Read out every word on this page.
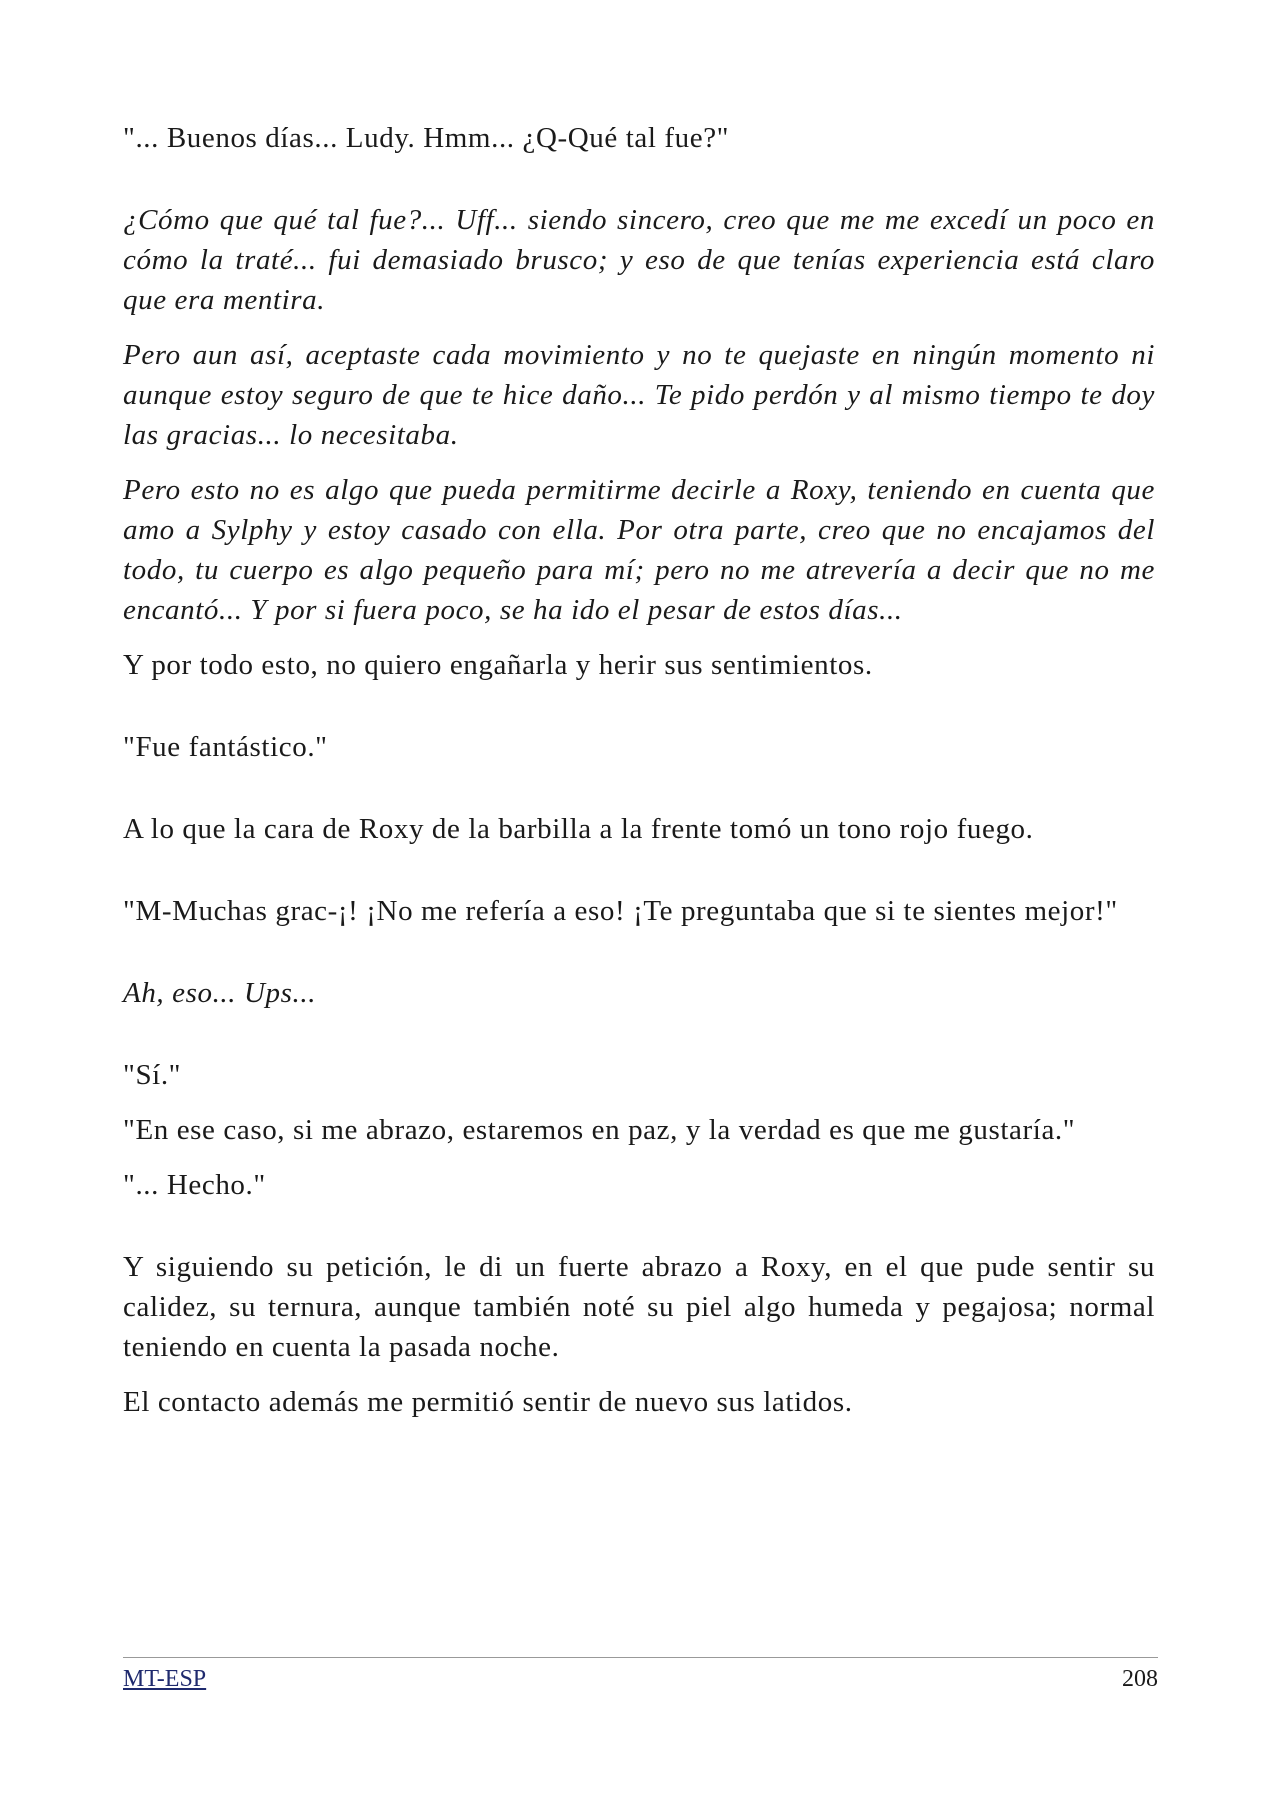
"... Buenos días... Ludy. Hmm... ¿Q-Qué tal fue?"

¿Cómo que qué tal fue?... Uff... siendo sincero, creo que me me excedí un poco en cómo la traté... fui demasiado brusco; y eso de que tenías experiencia está claro que era mentira.

Pero aun así, aceptaste cada movimiento y no te quejaste en ningún momento ni aunque estoy seguro de que te hice daño... Te pido perdón y al mismo tiempo te doy las gracias... lo necesitaba.

Pero esto no es algo que pueda permitirme decirle a Roxy, teniendo en cuenta que amo a Sylphy y estoy casado con ella. Por otra parte, creo que no encajamos del todo, tu cuerpo es algo pequeño para mí; pero no me atrevería a decir que no me encantó... Y por si fuera poco, se ha ido el pesar de estos días...

Y por todo esto, no quiero engañarla y herir sus sentimientos.

"Fue fantástico."

A lo que la cara de Roxy de la barbilla a la frente tomó un tono rojo fuego.

"M-Muchas grac-¡! ¡No me refería a eso! ¡Te preguntaba que si te sientes mejor!"

Ah, eso... Ups...

"Sí."

"En ese caso, si me abrazo, estaremos en paz, y la verdad es que me gustaría."

"... Hecho."

Y siguiendo su petición, le di un fuerte abrazo a Roxy, en el que pude sentir su calidez, su ternura, aunque también noté su piel algo humeda y pegajosa; normal teniendo en cuenta la pasada noche.

El contacto además me permitió sentir de nuevo sus latidos.

MT-ESP	208
